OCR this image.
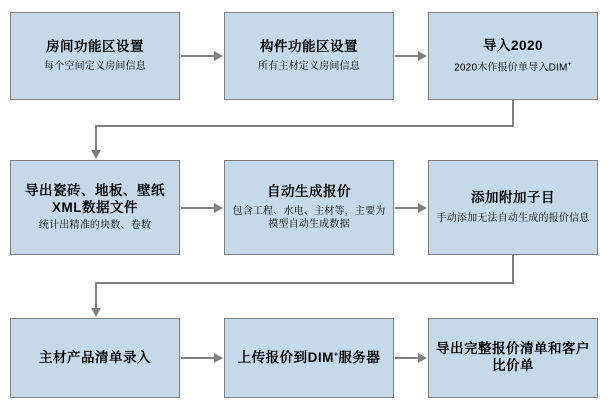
房间功能区设置
每个空间定义房间信息
构件功能区设置
所有主材定义房间信息
导入2020
2020木作报价单导入DIM+
导出瓷砖、地板、壁纸XML数据文件
统计出精准的块数、卷数
自动生成报价
包含工程、水电、主材等，主要为模型自动生成数据
添加附加子目
手动添加无法自动生成的报价信息
主材产品清单录入	上传报价到DIM+服务器
导出完整报价清单和客户比价单
